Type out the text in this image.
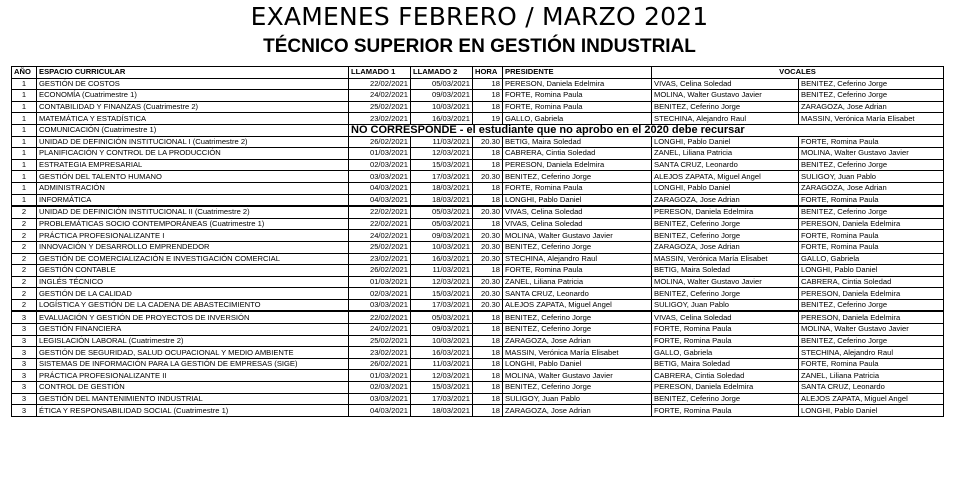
EXAMENES FEBRERO / MARZO 2021
TÉCNICO SUPERIOR EN GESTIÓN INDUSTRIAL
AÑO	ESPACIO CURRICULAR	LLAMADO 1	LLAMADO 2	HORA	PRESIDENTE	VOCALES	
1	GESTIÓN DE COSTOS	22/02/2021	05/03/2021	18	PERESON, Daniela Edelmira	VIVAS, Celina Soledad	BENITEZ, Ceferino Jorge
1	ECONOMÍA (Cuatrimestre 1)	24/02/2021	09/03/2021	18	FORTE, Romina Paula	MOLINA, Walter Gustavo Javier	BENITEZ, Ceferino Jorge
1	CONTABILIDAD Y FINANZAS (Cuatrimestre 2)	25/02/2021	10/03/2021	18	FORTE, Romina Paula	BENITEZ, Ceferino Jorge	ZARAGOZA, Jose Adrian
1	MATEMÁTICA Y ESTADÍSTICA	23/02/2021	16/03/2021	19	GALLO, Gabriela	STECHINA, Alejandro Raul	MASSIN, Verónica María Elisabet
1	COMUNICACIÓN (Cuatrimestre 1)	NO CORRESPONDE - el estudiante que no aprobo en el 2020 debe recursar					
1	UNIDAD DE DEFINICIÓN INSTITUCIONAL I (Cuatrimestre 2)	26/02/2021	11/03/2021	20.30	BETIG, Maira Soledad	LONGHI, Pablo Daniel	FORTE, Romina Paula
1	PLANIFICACIÓN Y CONTROL DE LA PRODUCCIÓN	01/03/2021	12/03/2021	18	CABRERA, Cintia Soledad	ZANEL, Liliana Patricia	MOLINA, Walter Gustavo Javier
1	ESTRATEGIA EMPRESARIAL	02/03/2021	15/03/2021	18	PERESON, Daniela Edelmira	SANTA CRUZ, Leonardo	BENITEZ, Ceferino Jorge
1	GESTIÓN DEL TALENTO HUMANO	03/03/2021	17/03/2021	20.30	BENITEZ, Ceferino Jorge	ALEJOS ZAPATA, Miguel Angel	SULIGOY, Juan Pablo
1	ADMINISTRACIÓN	04/03/2021	18/03/2021	18	FORTE, Romina Paula	LONGHI, Pablo Daniel	ZARAGOZA, Jose Adrian
1	INFORMÁTICA	04/03/2021	18/03/2021	18	LONGHI, Pablo Daniel	ZARAGOZA, Jose Adrian	FORTE, Romina Paula
2	UNIDAD DE DEFINICIÓN INSTITUCIONAL II (Cuatrimestre 2)	22/02/2021	05/03/2021	20.30	VIVAS, Celina Soledad	PERESON, Daniela Edelmira	BENITEZ, Ceferino Jorge
2	PROBLEMÁTICAS SOCIO CONTEMPORÁNEAS (Cuatrimestre 1)	22/02/2021	05/03/2021	18	VIVAS, Celina Soledad	BENITEZ, Ceferino Jorge	PERESON, Daniela Edelmira
2	PRÁCTICA PROFESIONALIZANTE I	24/02/2021	09/03/2021	20.30	MOLINA, Walter Gustavo Javier	BENITEZ, Ceferino Jorge	FORTE, Romina Paula
2	INNOVACIÓN Y DESARROLLO EMPRENDEDOR	25/02/2021	10/03/2021	20.30	BENITEZ, Ceferino Jorge	ZARAGOZA, Jose Adrian	FORTE, Romina Paula
2	GESTIÓN DE COMERCIALIZACIÓN E INVESTIGACIÓN COMERCIAL	23/02/2021	16/03/2021	20.30	STECHINA, Alejandro Raul	MASSIN, Verónica María Elisabet	GALLO, Gabriela
2	GESTIÓN CONTABLE	26/02/2021	11/03/2021	18	FORTE, Romina Paula	BETIG, Maira Soledad	LONGHI, Pablo Daniel
2	INGLÉS TÉCNICO	01/03/2021	12/03/2021	20.30	ZANEL, Liliana Patricia	MOLINA, Walter Gustavo Javier	CABRERA, Cintia Soledad
2	GESTIÓN DE LA CALIDAD	02/03/2021	15/03/2021	20.30	SANTA CRUZ, Leonardo	BENITEZ, Ceferino Jorge	PERESON, Daniela Edelmira
2	LOGÍSTICA Y GESTIÓN DE LA CADENA DE ABASTECIMIENTO	03/03/2021	17/03/2021	20.30	ALEJOS ZAPATA, Miguel Angel	SULIGOY, Juan Pablo	BENITEZ, Ceferino Jorge
3	EVALUACIÓN Y GESTIÓN DE PROYECTOS DE INVERSIÓN	22/02/2021	05/03/2021	18	BENITEZ, Ceferino Jorge	VIVAS, Celina Soledad	PERESON, Daniela Edelmira
3	GESTIÓN FINANCIERA	24/02/2021	09/03/2021	18	BENITEZ, Ceferino Jorge	FORTE, Romina Paula	MOLINA, Walter Gustavo Javier
3	LEGISLACIÓN LABORAL (Cuatrimestre 2)	25/02/2021	10/03/2021	18	ZARAGOZA, Jose Adrian	FORTE, Romina Paula	BENITEZ, Ceferino Jorge
3	GESTIÓN DE SEGURIDAD, SALUD OCUPACIONAL Y MEDIO AMBIENTE	23/02/2021	16/03/2021	18	MASSIN, Verónica María Elisabet	GALLO, Gabriela	STECHINA, Alejandro Raul
3	SISTEMAS DE INFORMACIÓN PARA LA GESTIÓN DE EMPRESAS (SIGE)	26/02/2021	11/03/2021	18	LONGHI, Pablo Daniel	BETIG, Maira Soledad	FORTE, Romina Paula
3	PRÁCTICA PROFESIONALIZANTE II	01/03/2021	12/03/2021	18	MOLINA, Walter Gustavo Javier	CABRERA, Cintia Soledad	ZANEL, Liliana Patricia
3	CONTROL DE GESTIÓN	02/03/2021	15/03/2021	18	BENITEZ, Ceferino Jorge	PERESON, Daniela Edelmira	SANTA CRUZ, Leonardo
3	GESTIÓN DEL MANTENIMIENTO INDUSTRIAL	03/03/2021	17/03/2021	18	SULIGOY, Juan Pablo	BENITEZ, Ceferino Jorge	ALEJOS ZAPATA, Miguel Angel
3	ÉTICA Y RESPONSABILIDAD SOCIAL (Cuatrimestre 1)	04/03/2021	18/03/2021	18	ZARAGOZA, Jose Adrian	FORTE, Romina Paula	LONGHI, Pablo Daniel
